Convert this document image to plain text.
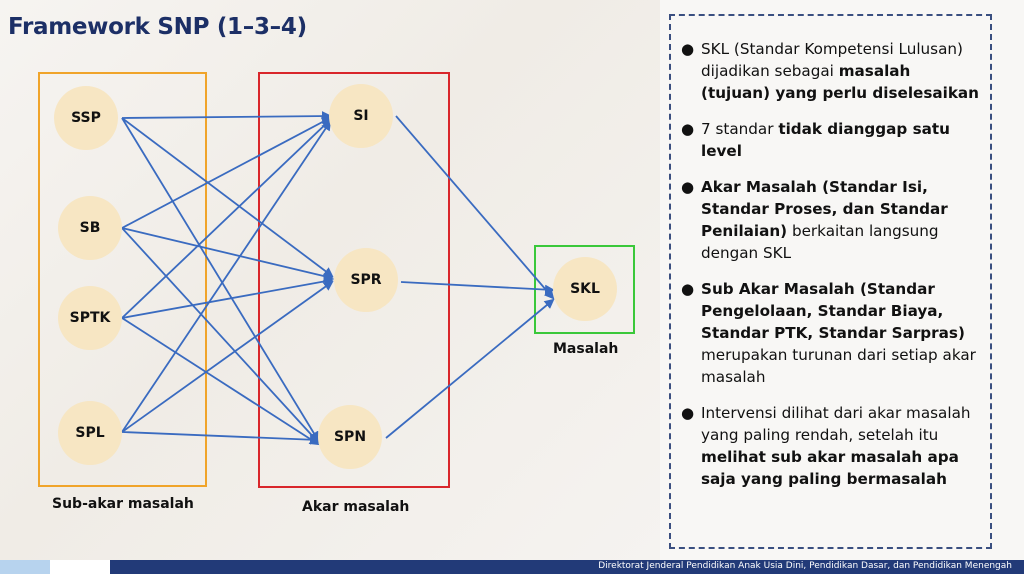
Framework SNP (1–3–4)
SSP
SB
SPTK
SPL
SI
SPR
SPN
SKL
Sub-akar masalah	Akar masalah
Masalah
● SKL (Standar Kompetensi Lulusan) dijadikan sebagai masalah (tujuan) yang perlu diselesaikan
● 7 standar tidak dianggap satu level
● Akar Masalah (Standar Isi, Standar Proses, dan Standar Penilaian) berkaitan langsung dengan SKL
● Sub Akar Masalah (Standar Pengelolaan, Standar Biaya, Standar PTK, Standar Sarpras) merupakan turunan dari setiap akar masalah
● Intervensi dilihat dari akar masalah yang paling rendah, setelah itu melihat sub akar masalah apa saja yang paling bermasalah
Direktorat Jenderal Pendidikan Anak Usia Dini, Pendidikan Dasar, dan Pendidikan Menengah
